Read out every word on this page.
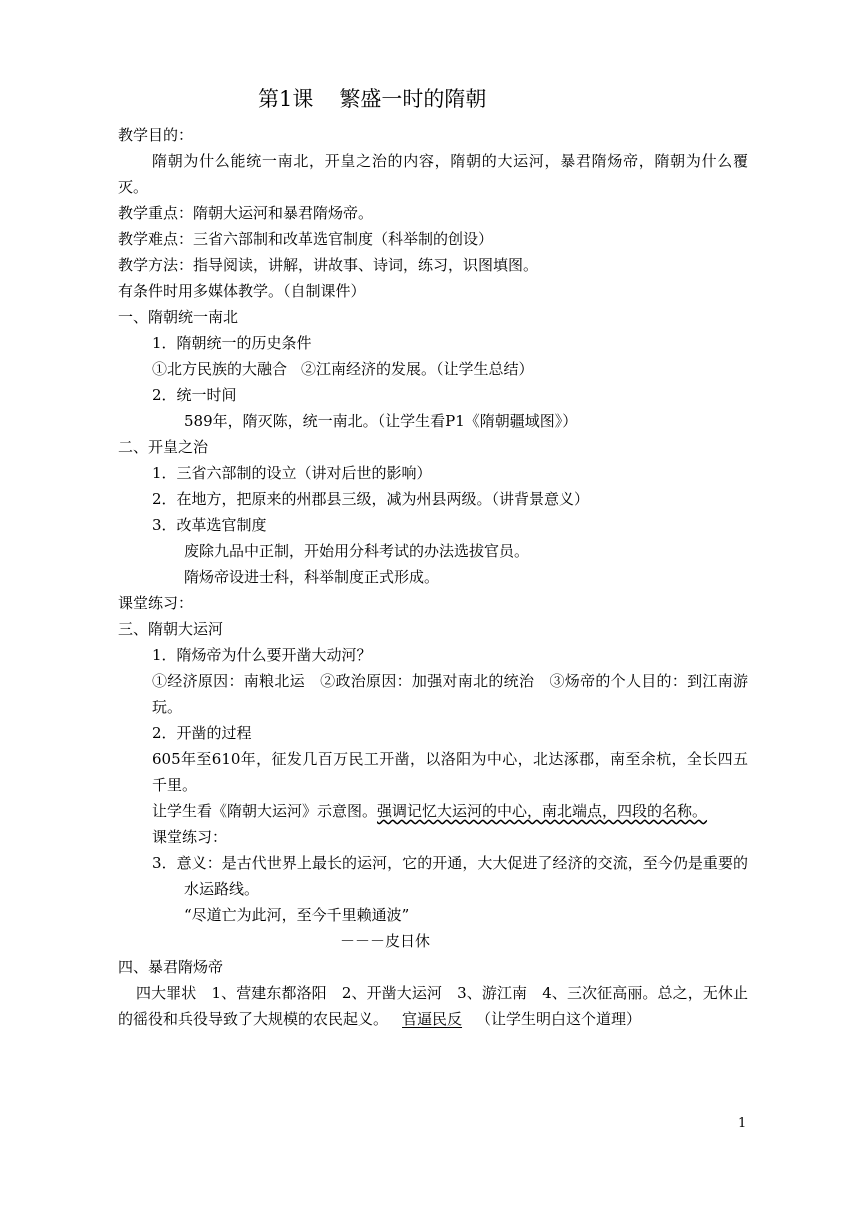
第1课 繁盛一时的隋朝

教学目的：

隋朝为什么能统一南北，开皇之治的内容，隋朝的大运河，暴君隋炀帝，隋朝为什么覆灭。

教学重点：隋朝大运河和暴君隋炀帝。

教学难点：三省六部制和改革选官制度（科举制的创设）

教学方法：指导阅读，讲解，讲故事、诗词，练习，识图填图。

有条件时用多媒体教学。（自制课件）

一、隋朝统一南北

1．隋朝统一的历史条件

①北方民族的大融合 ②江南经济的发展。（让学生总结）

2．统一时间

589年，隋灭陈，统一南北。（让学生看P1《隋朝疆域图》）

二、开皇之治

1．三省六部制的设立（讲对后世的影响）

2．在地方，把原来的州郡县三级，减为州县两级。（讲背景意义）

3．改革选官制度

废除九品中正制，开始用分科考试的办法选拔官员。

隋炀帝设进士科，科举制度正式形成。

课堂练习：

三、隋朝大运河

1．隋炀帝为什么要开凿大动河？

①经济原因：南粮北运　②政治原因：加强对南北的统治　③炀帝的个人目的：到江南游玩。

2．开凿的过程

605年至610年，征发几百万民工开凿，以洛阳为中心，北达涿郡，南至余杭，全长四五千里。

让学生看《隋朝大运河》示意图。强调记忆大运河的中心，南北端点，四段的名称。

课堂练习：

3．意义：是古代世界上最长的运河，它的开通，大大促进了经济的交流，至今仍是重要的水运路线。

“尽道亡为此河，至今千里赖通波”

－－－皮日休

四、暴君隋炀帝

四大罪状　1、营建东都洛阳　2、开凿大运河　3、游江南　4、三次征高丽。总之，无休止的徭役和兵役导致了大规模的农民起义。 官逼民反 （让学生明白这个道理）

1
